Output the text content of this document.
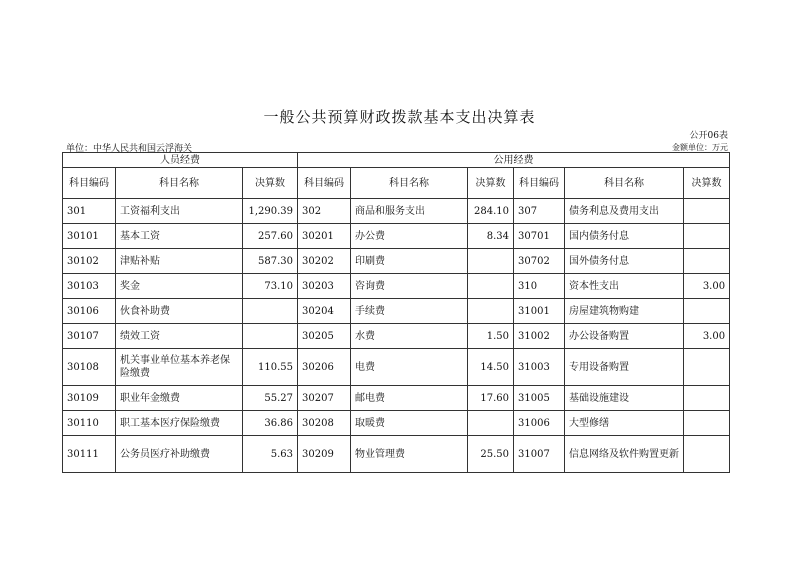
一般公共预算财政拨款基本支出决算表
公开06表
单位：中华人民共和国云浮海关	金额单位：万元
人员经费			公用经费					
科目编码	科目名称	决算数	科目编码	科目名称	决算数	科目编码	科目名称	决算数
301	工资福利支出	1,290.39	302	商品和服务支出	284.10	307	债务利息及费用支出	
30101	基本工资	257.60	30201	办公费	8.34	30701	国内债务付息	
30102	津贴补贴	587.30	30202	印刷费		30702	国外债务付息	
30103	奖金	73.10	30203	咨询费		310	资本性支出	3.00
30106	伙食补助费		30204	手续费		31001	房屋建筑物购建	
30107	绩效工资		30205	水费	1.50	31002	办公设备购置	3.00
30108	机关事业单位基本养老保险缴费	110.55	30206	电费	14.50	31003	专用设备购置	
30109	职业年金缴费	55.27	30207	邮电费	17.60	31005	基础设施建设	
30110	职工基本医疗保险缴费	36.86	30208	取暖费		31006	大型修缮	
30111	公务员医疗补助缴费	5.63	30209	物业管理费	25.50	31007	信息网络及软件购置更新	
